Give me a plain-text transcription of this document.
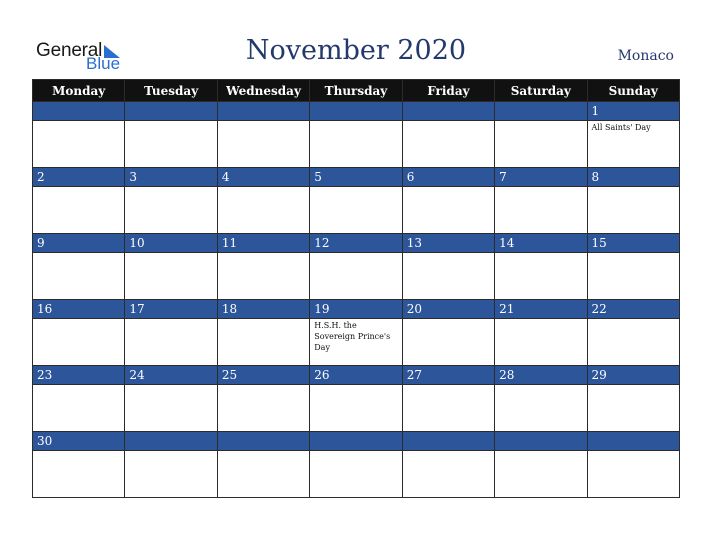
General
Blue	November 2020	Monaco
Monday	Tuesday	Wednesday	Thursday	Friday	Saturday	Sunday
						1
						All Saints' Day
2	3	4	5	6	7	8

9	10	11	12	13	14	15

16	17	18	19	20	21	22
			H.S.H. the Sovereign Prince's Day			
23	24	25	26	27	28	29

30						
